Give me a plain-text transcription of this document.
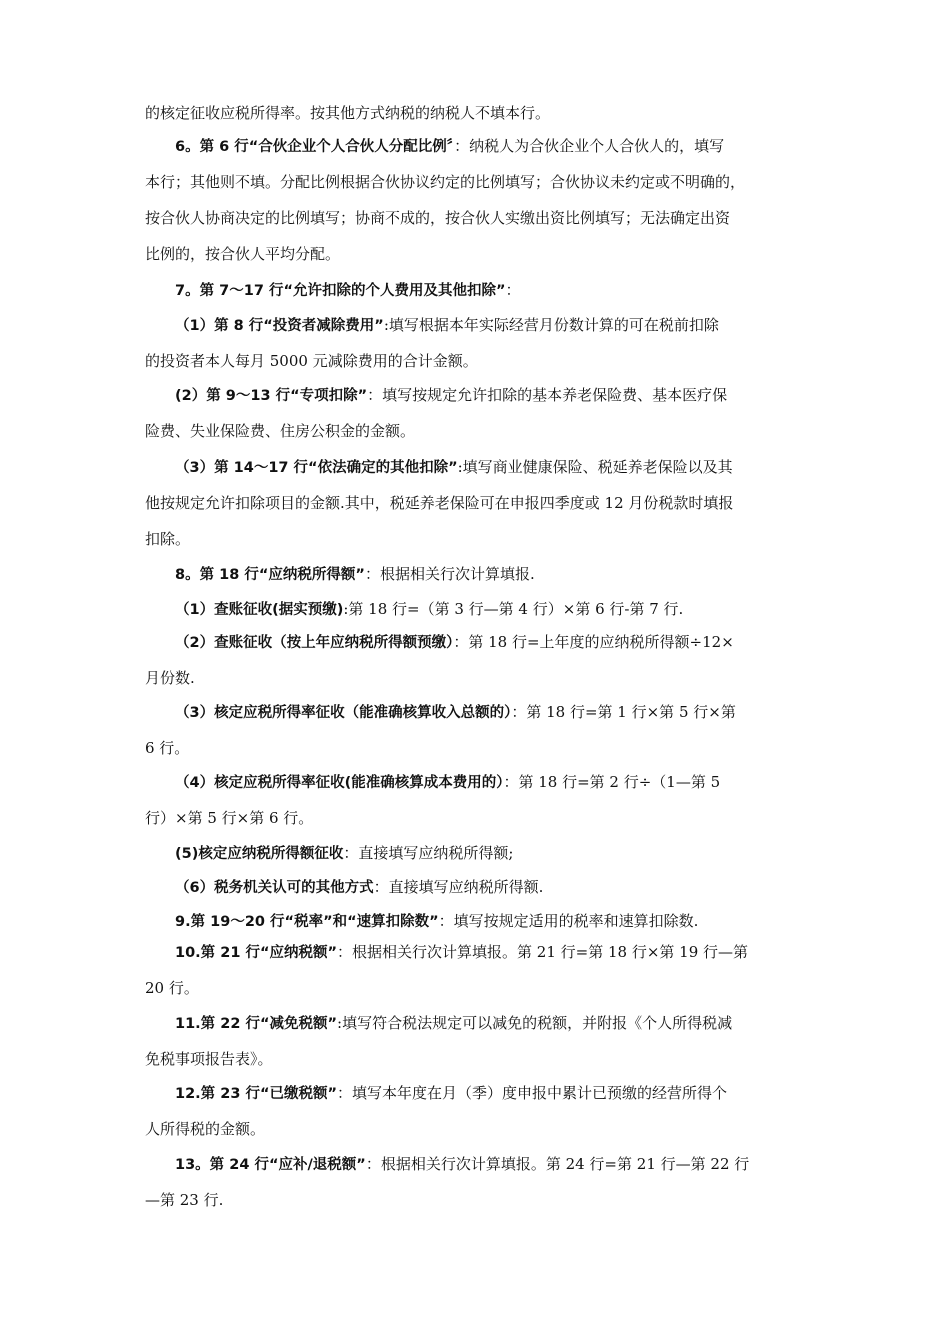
的核定征收应税所得率。按其他方式纳税的纳税人不填本行。
6。第 6 行“合伙企业个人合伙人分配比例〞：纳税人为合伙企业个人合伙人的，填写
本行；其他则不填。分配比例根据合伙协议约定的比例填写；合伙协议未约定或不明确的，
按合伙人协商决定的比例填写；协商不成的，按合伙人实缴出资比例填写；无法确定出资
比例的，按合伙人平均分配。
7。第 7～17 行“允许扣除的个人费用及其他扣除”：
（1）第 8 行“投资者减除费用”:填写根据本年实际经营月份数计算的可在税前扣除
的投资者本人每月 5000 元减除费用的合计金额。
(2）第 9～13 行“专项扣除”：填写按规定允许扣除的基本养老保险费、基本医疗保
险费、失业保险费、住房公积金的金额。
（3）第 14～17 行“依法确定的其他扣除”:填写商业健康保险、税延养老保险以及其
他按规定允许扣除项目的金额.其中，税延养老保险可在申报四季度或 12 月份税款时填报
扣除。
8。第 18 行“应纳税所得额”：根据相关行次计算填报.
（1）查账征收(据实预缴):第 18 行=（第 3 行—第 4 行）×第 6 行-第 7 行.
（2）查账征收（按上年应纳税所得额预缴）：第 18 行=上年度的应纳税所得额÷12×
月份数.
（3）核定应税所得率征收（能准确核算收入总额的）：第 18 行=第 1 行×第 5 行×第
6 行。
（4）核定应税所得率征收(能准确核算成本费用的）：第 18 行=第 2 行÷（1—第 5
行）×第 5 行×第 6 行。
(5)核定应纳税所得额征收：直接填写应纳税所得额;
（6）税务机关认可的其他方式：直接填写应纳税所得额.
9.第 19～20 行“税率”和“速算扣除数”：填写按规定适用的税率和速算扣除数.
10.第 21 行“应纳税额”：根据相关行次计算填报。第 21 行=第 18 行×第 19 行—第
20 行。
11.第 22 行“减免税额”:填写符合税法规定可以减免的税额，并附报《个人所得税减
免税事项报告表》。
12.第 23 行“已缴税额”：填写本年度在月（季）度申报中累计已预缴的经营所得个
人所得税的金额。
13。第 24 行“应补/退税额”：根据相关行次计算填报。第 24 行=第 21 行—第 22 行
—第 23 行.
